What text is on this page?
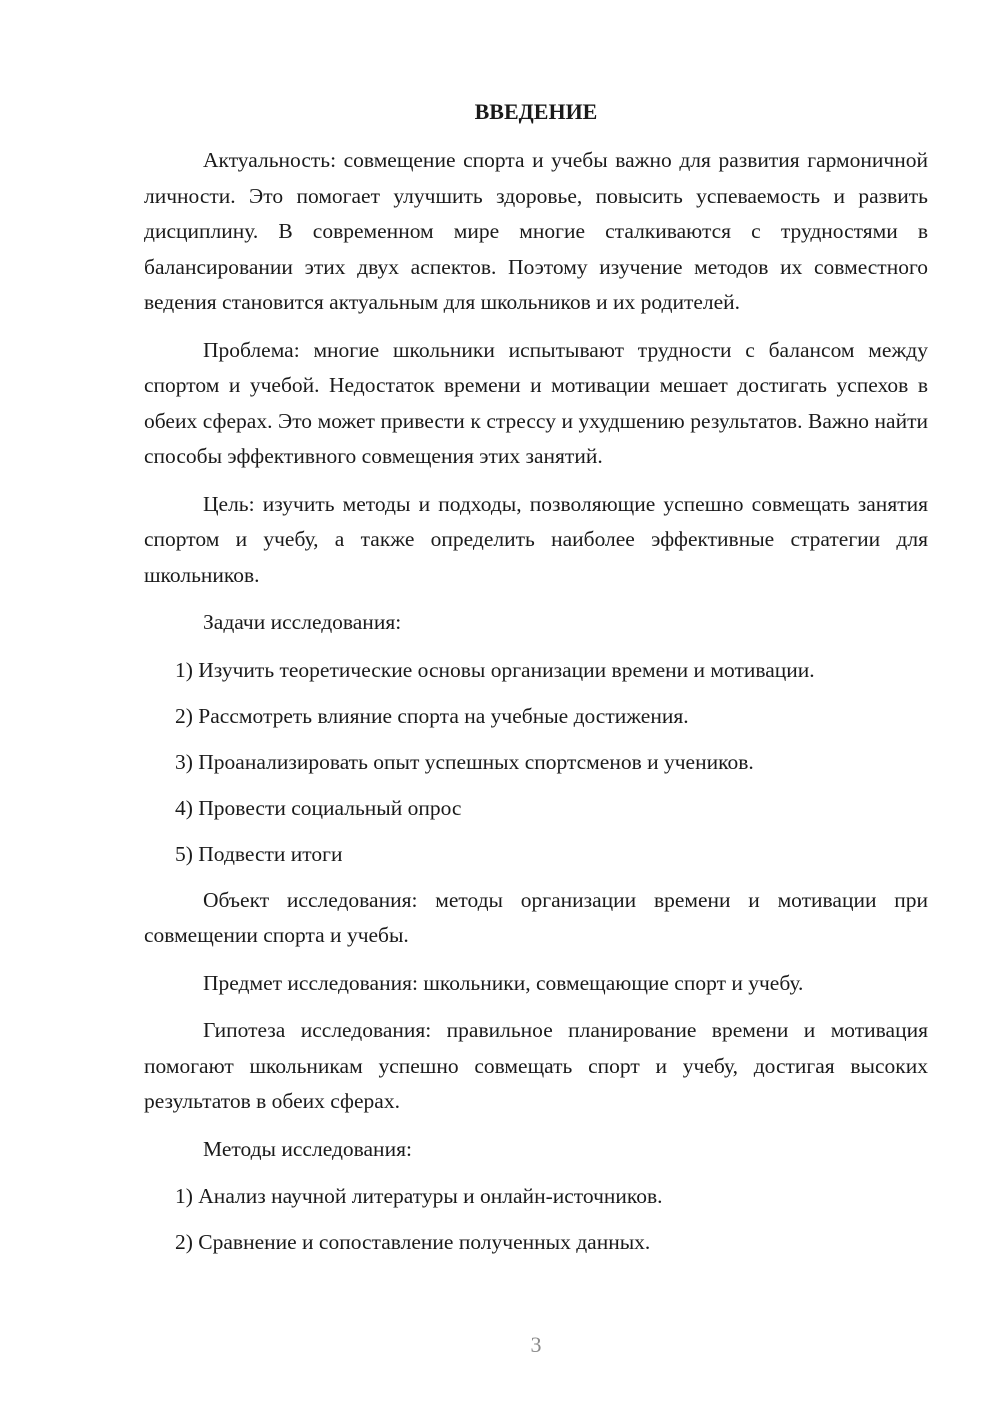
ВВЕДЕНИЕ

Актуальность: совмещение спорта и учебы важно для развития гармоничной личности. Это помогает улучшить здоровье, повысить успеваемость и развить дисциплину. В современном мире многие сталкиваются с трудностями в балансировании этих двух аспектов. Поэтому изучение методов их совместного ведения становится актуальным для школьников и их родителей.

Проблема: многие школьники испытывают трудности с балансом между спортом и учебой. Недостаток времени и мотивации мешает достигать успехов в обеих сферах. Это может привести к стрессу и ухудшению результатов. Важно найти способы эффективного совмещения этих занятий.

Цель: изучить методы и подходы, позволяющие успешно совмещать занятия спортом и учебу, а также определить наиболее эффективные стратегии для школьников.

Задачи исследования:

1) Изучить теоретические основы организации времени и мотивации.
2) Рассмотреть влияние спорта на учебные достижения.
3) Проанализировать опыт успешных спортсменов и учеников.
4) Провести социальный опрос
5) Подвести итоги

Объект исследования: методы организации времени и мотивации при совмещении спорта и учебы.

Предмет исследования: школьники, совмещающие спорт и учебу.

Гипотеза исследования: правильное планирование времени и мотивация помогают школьникам успешно совмещать спорт и учебу, достигая высоких результатов в обеих сферах.

Методы исследования:

1) Анализ научной литературы и онлайн-источников.
2) Сравнение и сопоставление полученных данных.
3
